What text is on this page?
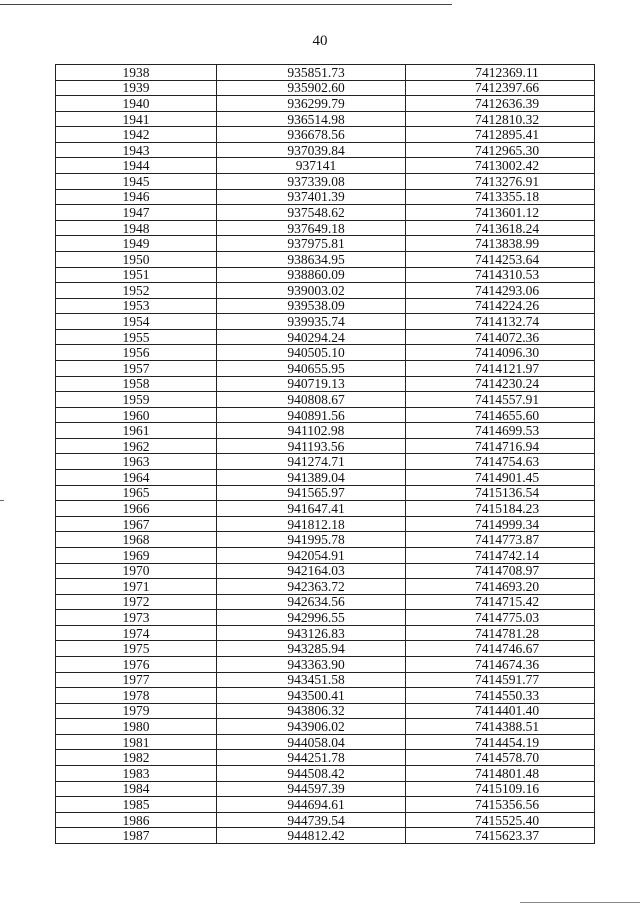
40
1938	935851.73	7412369.11
1939	935902.60	7412397.66
1940	936299.79	7412636.39
1941	936514.98	7412810.32
1942	936678.56	7412895.41
1943	937039.84	7412965.30
1944	937141	7413002.42
1945	937339.08	7413276.91
1946	937401.39	7413355.18
1947	937548.62	7413601.12
1948	937649.18	7413618.24
1949	937975.81	7413838.99
1950	938634.95	7414253.64
1951	938860.09	7414310.53
1952	939003.02	7414293.06
1953	939538.09	7414224.26
1954	939935.74	7414132.74
1955	940294.24	7414072.36
1956	940505.10	7414096.30
1957	940655.95	7414121.97
1958	940719.13	7414230.24
1959	940808.67	7414557.91
1960	940891.56	7414655.60
1961	941102.98	7414699.53
1962	941193.56	7414716.94
1963	941274.71	7414754.63
1964	941389.04	7414901.45
1965	941565.97	7415136.54
1966	941647.41	7415184.23
1967	941812.18	7414999.34
1968	941995.78	7414773.87
1969	942054.91	7414742.14
1970	942164.03	7414708.97
1971	942363.72	7414693.20
1972	942634.56	7414715.42
1973	942996.55	7414775.03
1974	943126.83	7414781.28
1975	943285.94	7414746.67
1976	943363.90	7414674.36
1977	943451.58	7414591.77
1978	943500.41	7414550.33
1979	943806.32	7414401.40
1980	943906.02	7414388.51
1981	944058.04	7414454.19
1982	944251.78	7414578.70
1983	944508.42	7414801.48
1984	944597.39	7415109.16
1985	944694.61	7415356.56
1986	944739.54	7415525.40
1987	944812.42	7415623.37
